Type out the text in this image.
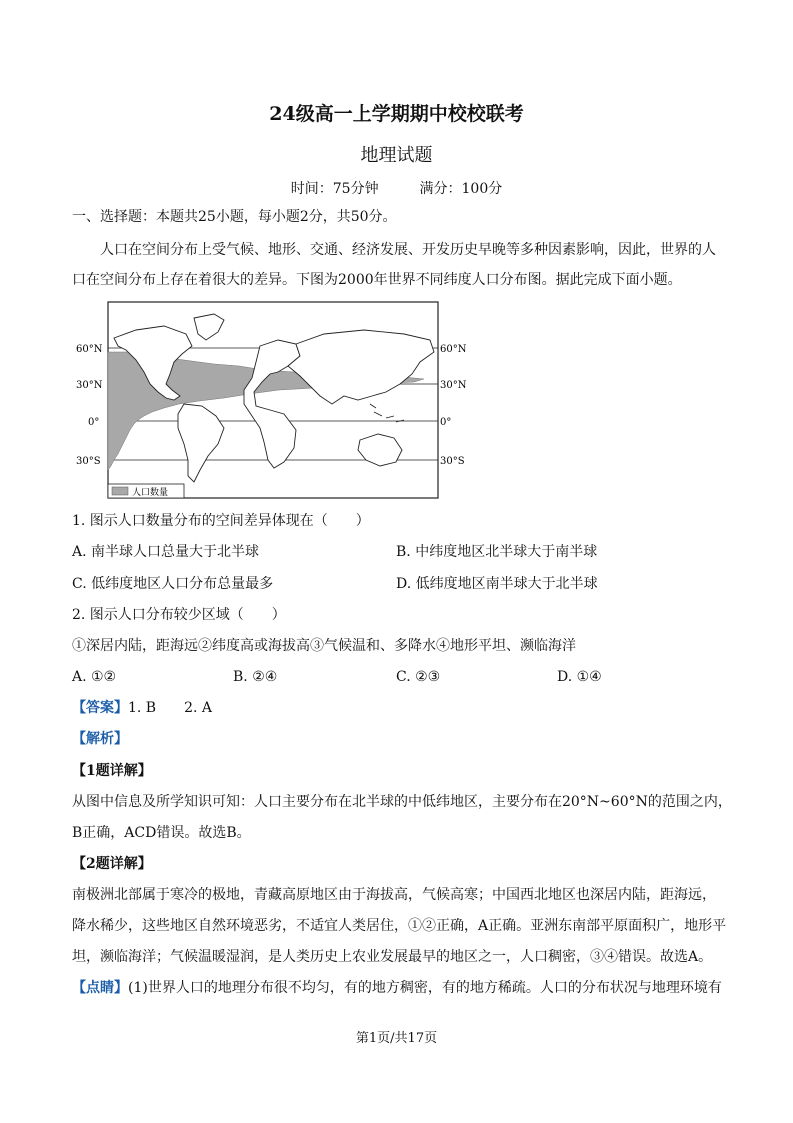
24级高一上学期期中校校联考
地理试题
时间：75分钟	满分：100分
一、选择题：本题共25小题，每小题2分，共50分。
人口在空间分布上受气候、地形、交通、经济发展、开发历史早晚等多种因素影响，因此，世界的人
口在空间分布上存在着很大的差异。下图为2000年世界不同纬度人口分布图。据此完成下面小题。
60°N
30°N
0°
30°S
60°N
30°N
0°
30°S
人口数量
1. 图示人口数量分布的空间差异体现在（　　）
A. 南半球人口总量大于北半球	B. 中纬度地区北半球大于南半球
C. 低纬度地区人口分布总量最多	D. 低纬度地区南半球大于北半球
2. 图示人口分布较少区域（　　）
①深居内陆，距海远②纬度高或海拔高③气候温和、多降水④地形平坦、濒临海洋
A. ①②	B. ②④	C. ②③	D. ①④
【答案】1. B　　2. A
【解析】
【1题详解】
从图中信息及所学知识可知：人口主要分布在北半球的中低纬地区，主要分布在20°N~60°N的范围之内，
B正确，ACD错误。故选B。
【2题详解】
南极洲北部属于寒冷的极地，青藏高原地区由于海拔高，气候高寒；中国西北地区也深居内陆，距海远，
降水稀少，这些地区自然环境恶劣，不适宜人类居住，①②正确，A正确。亚洲东南部平原面积广，地形平
坦，濒临海洋；气候温暖湿润，是人类历史上农业发展最早的地区之一，人口稠密，③④错误。故选A。
【点睛】(1)世界人口的地理分布很不均匀，有的地方稠密，有的地方稀疏。人口的分布状况与地理环境有
第1页/共17页
